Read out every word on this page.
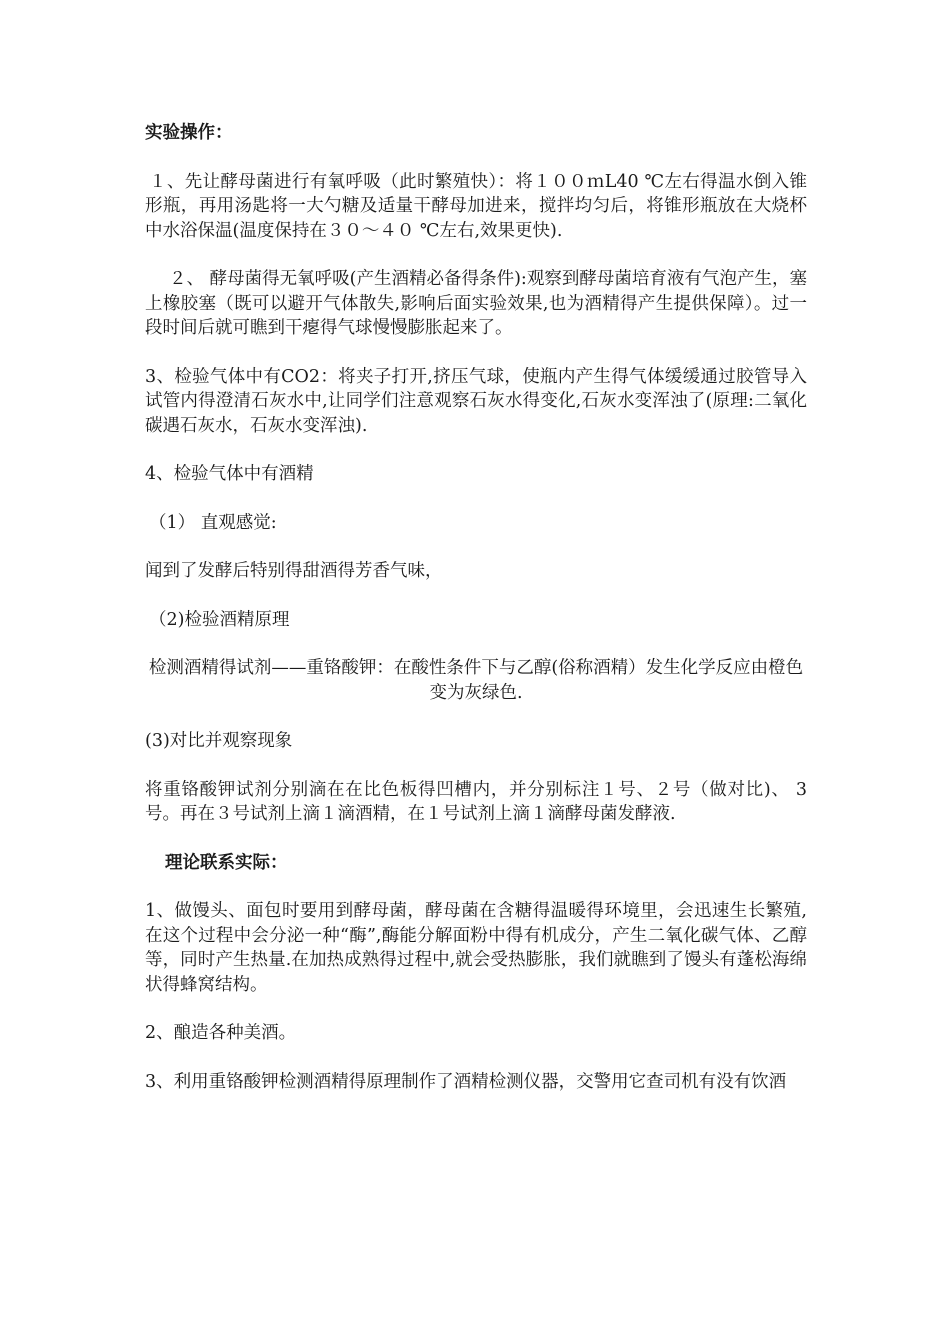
实验操作：

１、先让酵母菌进行有氧呼吸（此时繁殖快）：将１００ｍL40 ℃左右得温水倒入锥形瓶，再用汤匙将一大勺糖及适量干酵母加进来，搅拌均匀后，将锥形瓶放在大烧杯中水浴保温(温度保持在３０～４０ ℃左右,效果更快).

２、 酵母菌得无氧呼吸(产生酒精必备得条件):观察到酵母菌培育液有气泡产生，塞上橡胶塞（既可以避开气体散失,影响后面实验效果,也为酒精得产生提供保障）。过一段时间后就可瞧到干瘪得气球慢慢膨胀起来了。

3、检验气体中有CO2：将夹子打开,挤压气球，使瓶内产生得气体缓缓通过胶管导入试管内得澄清石灰水中,让同学们注意观察石灰水得变化,石灰水变浑浊了(原理:二氧化碳遇石灰水，石灰水变浑浊).

4、检验气体中有酒精

（1） 直观感觉:

闻到了发酵后特别得甜酒得芳香气味，

（2)检验酒精原理

检测酒精得试剂——重铬酸钾：在酸性条件下与乙醇(俗称酒精）发生化学反应由橙色变为灰绿色.

(3)对比并观察现象

将重铬酸钾试剂分别滴在在比色板得凹槽内，并分别标注１号、２号（做对比)、 3号。再在３号试剂上滴１滴酒精，在１号试剂上滴１滴酵母菌发酵液.

理论联系实际：

1、做馒头、面包时要用到酵母菌，酵母菌在含糖得温暖得环境里，会迅速生长繁殖,在这个过程中会分泌一种“酶”,酶能分解面粉中得有机成分，产生二氧化碳气体、乙醇等，同时产生热量.在加热成熟得过程中,就会受热膨胀，我们就瞧到了馒头有蓬松海绵状得蜂窝结构。

2、酿造各种美酒。

3、利用重铬酸钾检测酒精得原理制作了酒精检测仪器，交警用它查司机有没有饮酒
